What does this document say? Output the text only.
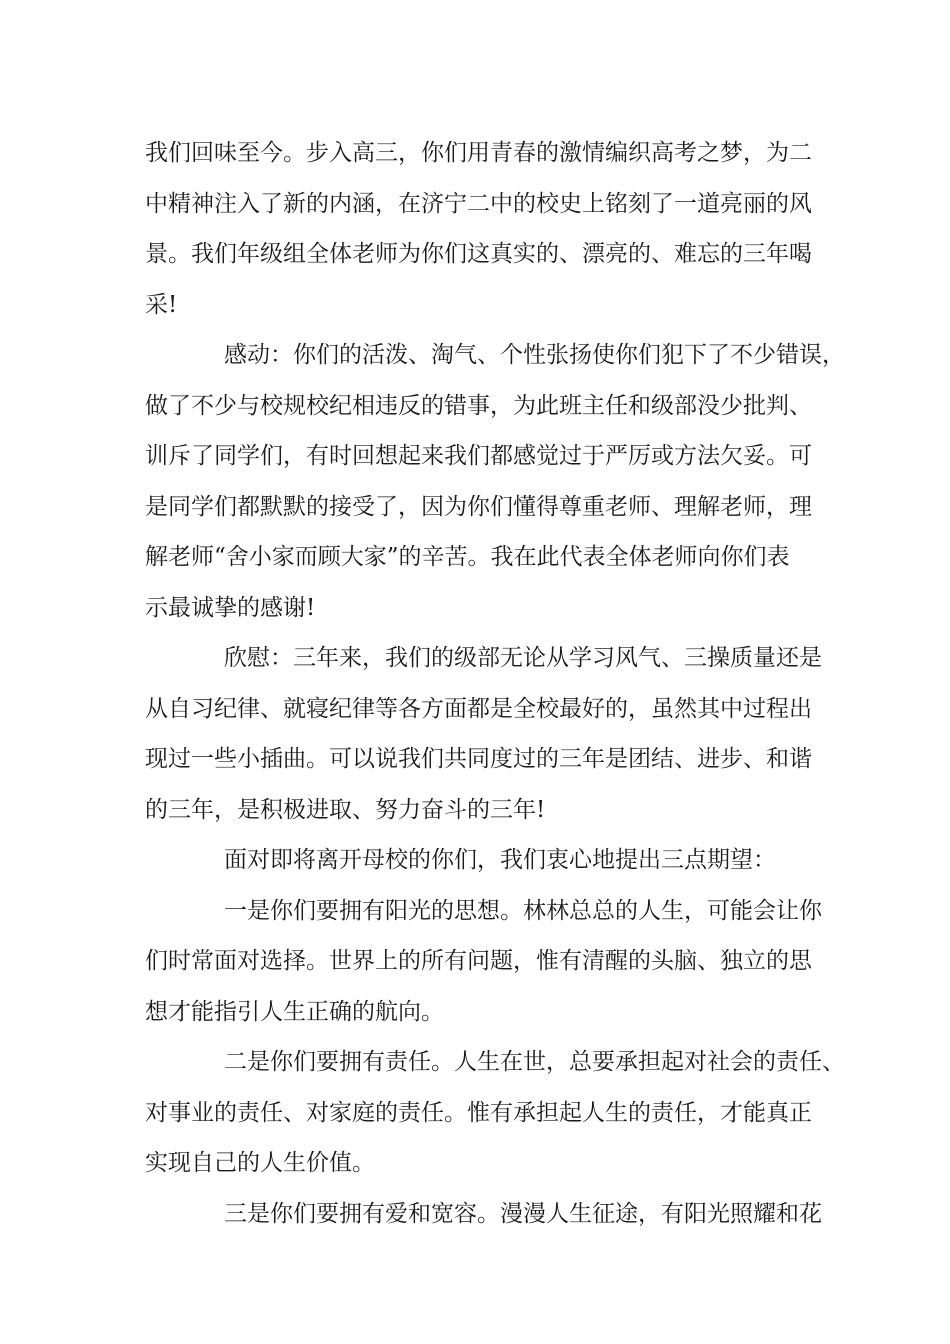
我们回味至今。步入高三，你们用青春的激情编织高考之梦，为二
中精神注入了新的内涵，在济宁二中的校史上铭刻了一道亮丽的风
景。我们年级组全体老师为你们这真实的、漂亮的、难忘的三年喝
采!
感动：你们的活泼、淘气、个性张扬使你们犯下了不少错误，
做了不少与校规校纪相违反的错事，为此班主任和级部没少批判、
训斥了同学们，有时回想起来我们都感觉过于严厉或方法欠妥。可
是同学们都默默的接受了，因为你们懂得尊重老师、理解老师，理
解老师“舍小家而顾大家”的辛苦。我在此代表全体老师向你们表
示最诚挚的感谢!
欣慰：三年来，我们的级部无论从学习风气、三操质量还是
从自习纪律、就寝纪律等各方面都是全校最好的，虽然其中过程出
现过一些小插曲。可以说我们共同度过的三年是团结、进步、和谐
的三年，是积极进取、努力奋斗的三年!
面对即将离开母校的你们，我们衷心地提出三点期望：
一是你们要拥有阳光的思想。林林总总的人生，可能会让你
们时常面对选择。世界上的所有问题，惟有清醒的头脑、独立的思
想才能指引人生正确的航向。
二是你们要拥有责任。人生在世，总要承担起对社会的责任、
对事业的责任、对家庭的责任。惟有承担起人生的责任，才能真正
实现自己的人生价值。
三是你们要拥有爱和宽容。漫漫人生征途，有阳光照耀和花
